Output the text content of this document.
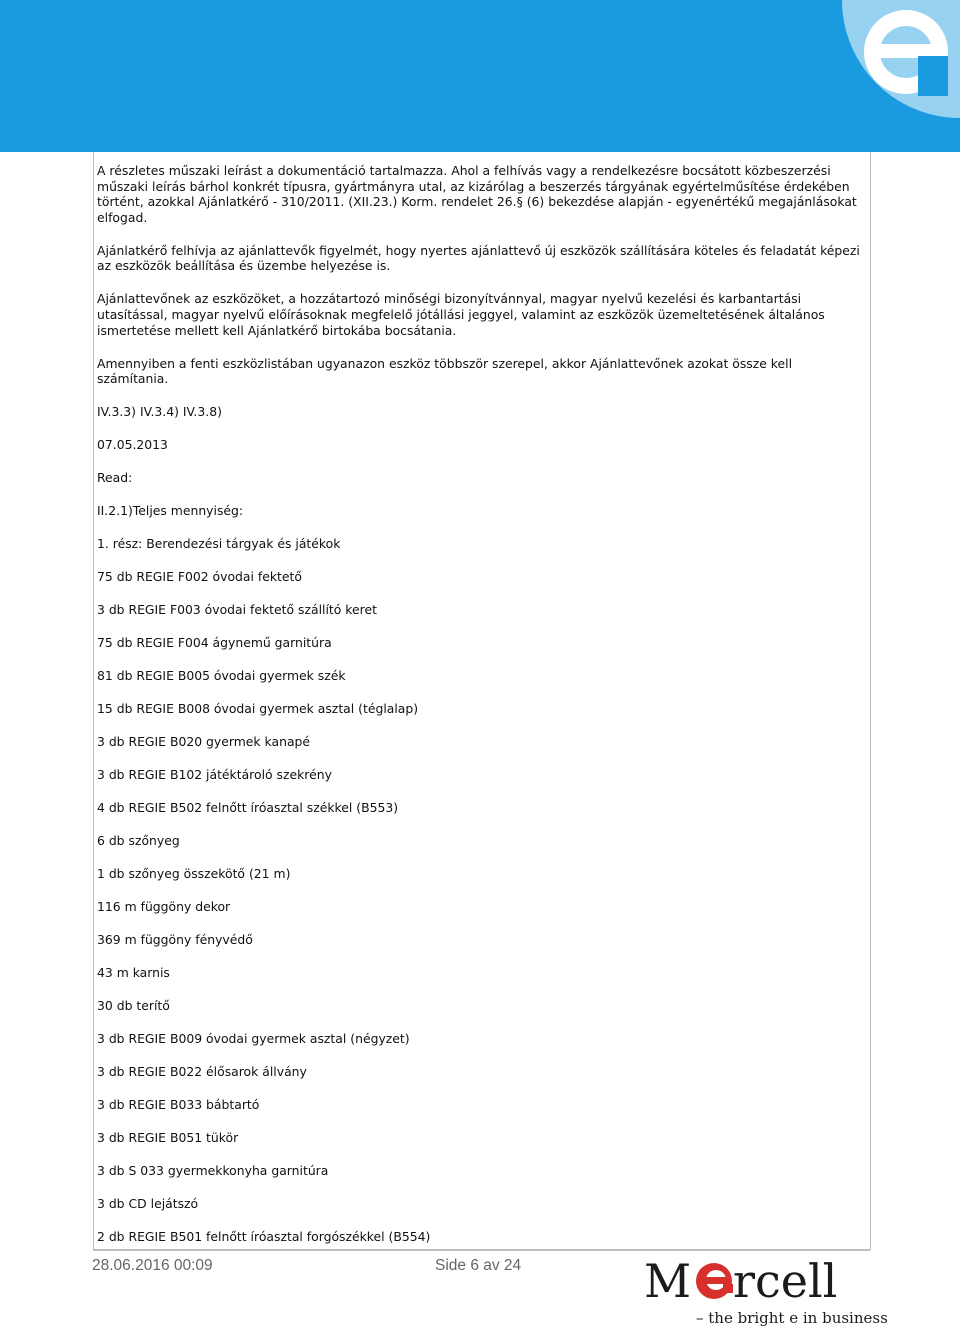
A részletes műszaki leírást a dokumentáció tartalmazza. Ahol a felhívás vagy a rendelkezésre bocsátott közbeszerzési műszaki leírás bárhol konkrét típusra, gyártmányra utal, az kizárólag a beszerzés tárgyának egyértelműsítése érdekében történt, azokkal Ajánlatkérő - 310/2011. (XII.23.) Korm. rendelet 26.§ (6) bekezdése alapján - egyenértékű megajánlásokat elfogad.

Ajánlatkérő felhívja az ajánlattevők figyelmét, hogy nyertes ajánlattevő új eszközök szállítására köteles és feladatát képezi az eszközök beállítása és üzembe helyezése is.

Ajánlattevőnek az eszközöket, a hozzátartozó minőségi bizonyítvánnyal, magyar nyelvű kezelési és karbantartási utasítással, magyar nyelvű előírásoknak megfelelő jótállási jeggyel, valamint az eszközök üzemeltetésének általános ismertetése mellett kell Ajánlatkérő birtokába bocsátania.

Amennyiben a fenti eszközlistában ugyanazon eszköz többször szerepel, akkor Ajánlattevőnek azokat össze kell számítania.

IV.3.3) IV.3.4) IV.3.8)

07.05.2013

Read:

II.2.1)Teljes mennyiség:

1. rész: Berendezési tárgyak és játékok

75 db REGIE F002 óvodai fektető

3 db REGIE F003 óvodai fektető szállító keret

75 db REGIE F004 ágynemű garnitúra

81 db REGIE B005 óvodai gyermek szék

15 db REGIE B008 óvodai gyermek asztal (téglalap)

3 db REGIE B020 gyermek kanapé

3 db REGIE B102 játéktároló szekrény

4 db REGIE B502 felnőtt íróasztal székkel (B553)

6 db szőnyeg

1 db szőnyeg összekötő (21 m)

116 m függöny dekor

369 m függöny fényvédő

43 m karnis

30 db terítő

3 db REGIE B009 óvodai gyermek asztal (négyzet)

3 db REGIE B022 élősarok állvány

3 db REGIE B033 bábtartó

3 db REGIE B051 tükör

3 db S 033 gyermekkonyha garnitúra

3 db CD lejátszó

2 db REGIE B501 felnőtt íróasztal forgószékkel (B554)

28.06.2016 00:09	Side 6 av 24	M rcell
– the bright e in business
